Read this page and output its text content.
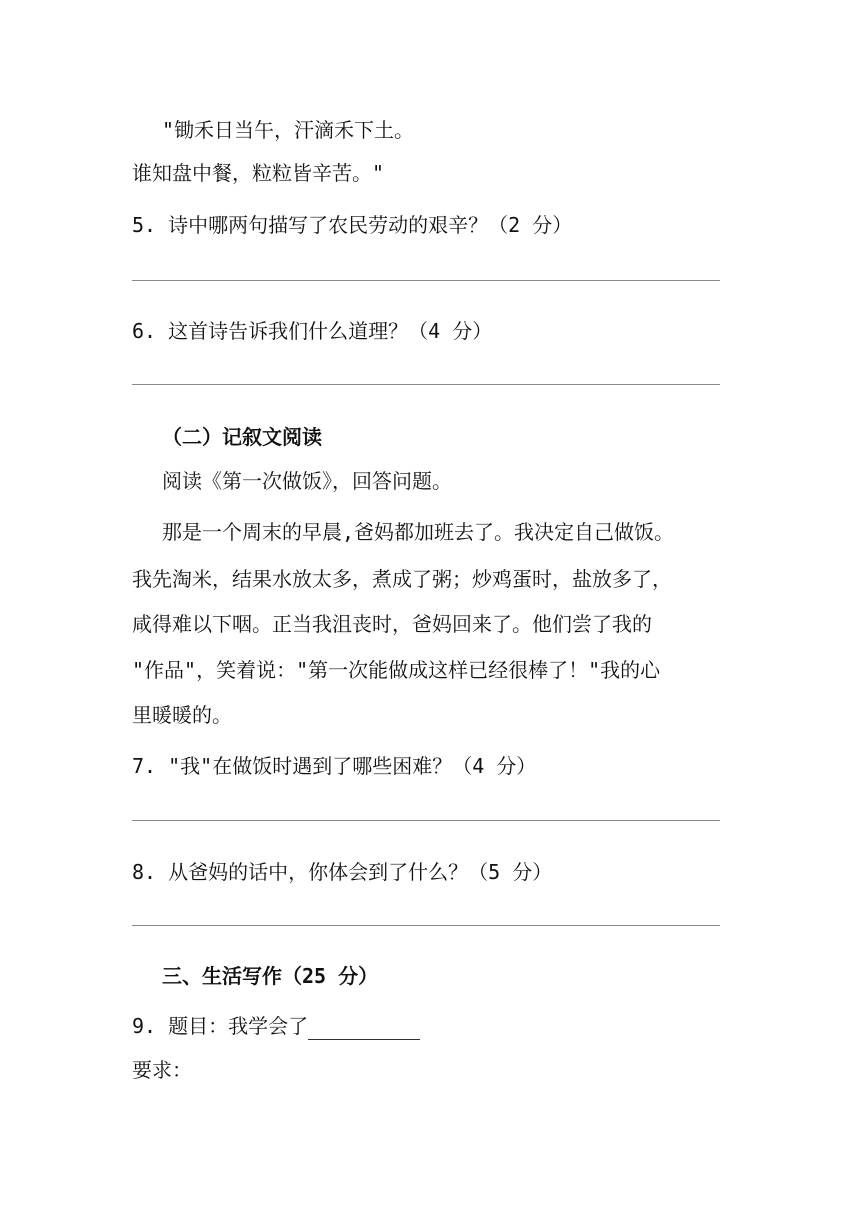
"锄禾日当午，汗滴禾下土。
谁知盘中餐，粒粒皆辛苦。"
5. 诗中哪两句描写了农民劳动的艰辛？（2 分）
6. 这首诗告诉我们什么道理？（4 分）
（二）记叙文阅读
阅读《第一次做饭》，回答问题。
那是一个周末的早晨,爸妈都加班去了。我决定自己做饭。
我先淘米，结果水放太多，煮成了粥；炒鸡蛋时，盐放多了，
咸得难以下咽。正当我沮丧时，爸妈回来了。他们尝了我的
"作品"，笑着说："第一次能做成这样已经很棒了！"我的心
里暖暖的。
7. "我"在做饭时遇到了哪些困难？（4 分）
8. 从爸妈的话中，你体会到了什么？（5 分）
三、生活写作（25 分）
9. 题目：我学会了
要求：
